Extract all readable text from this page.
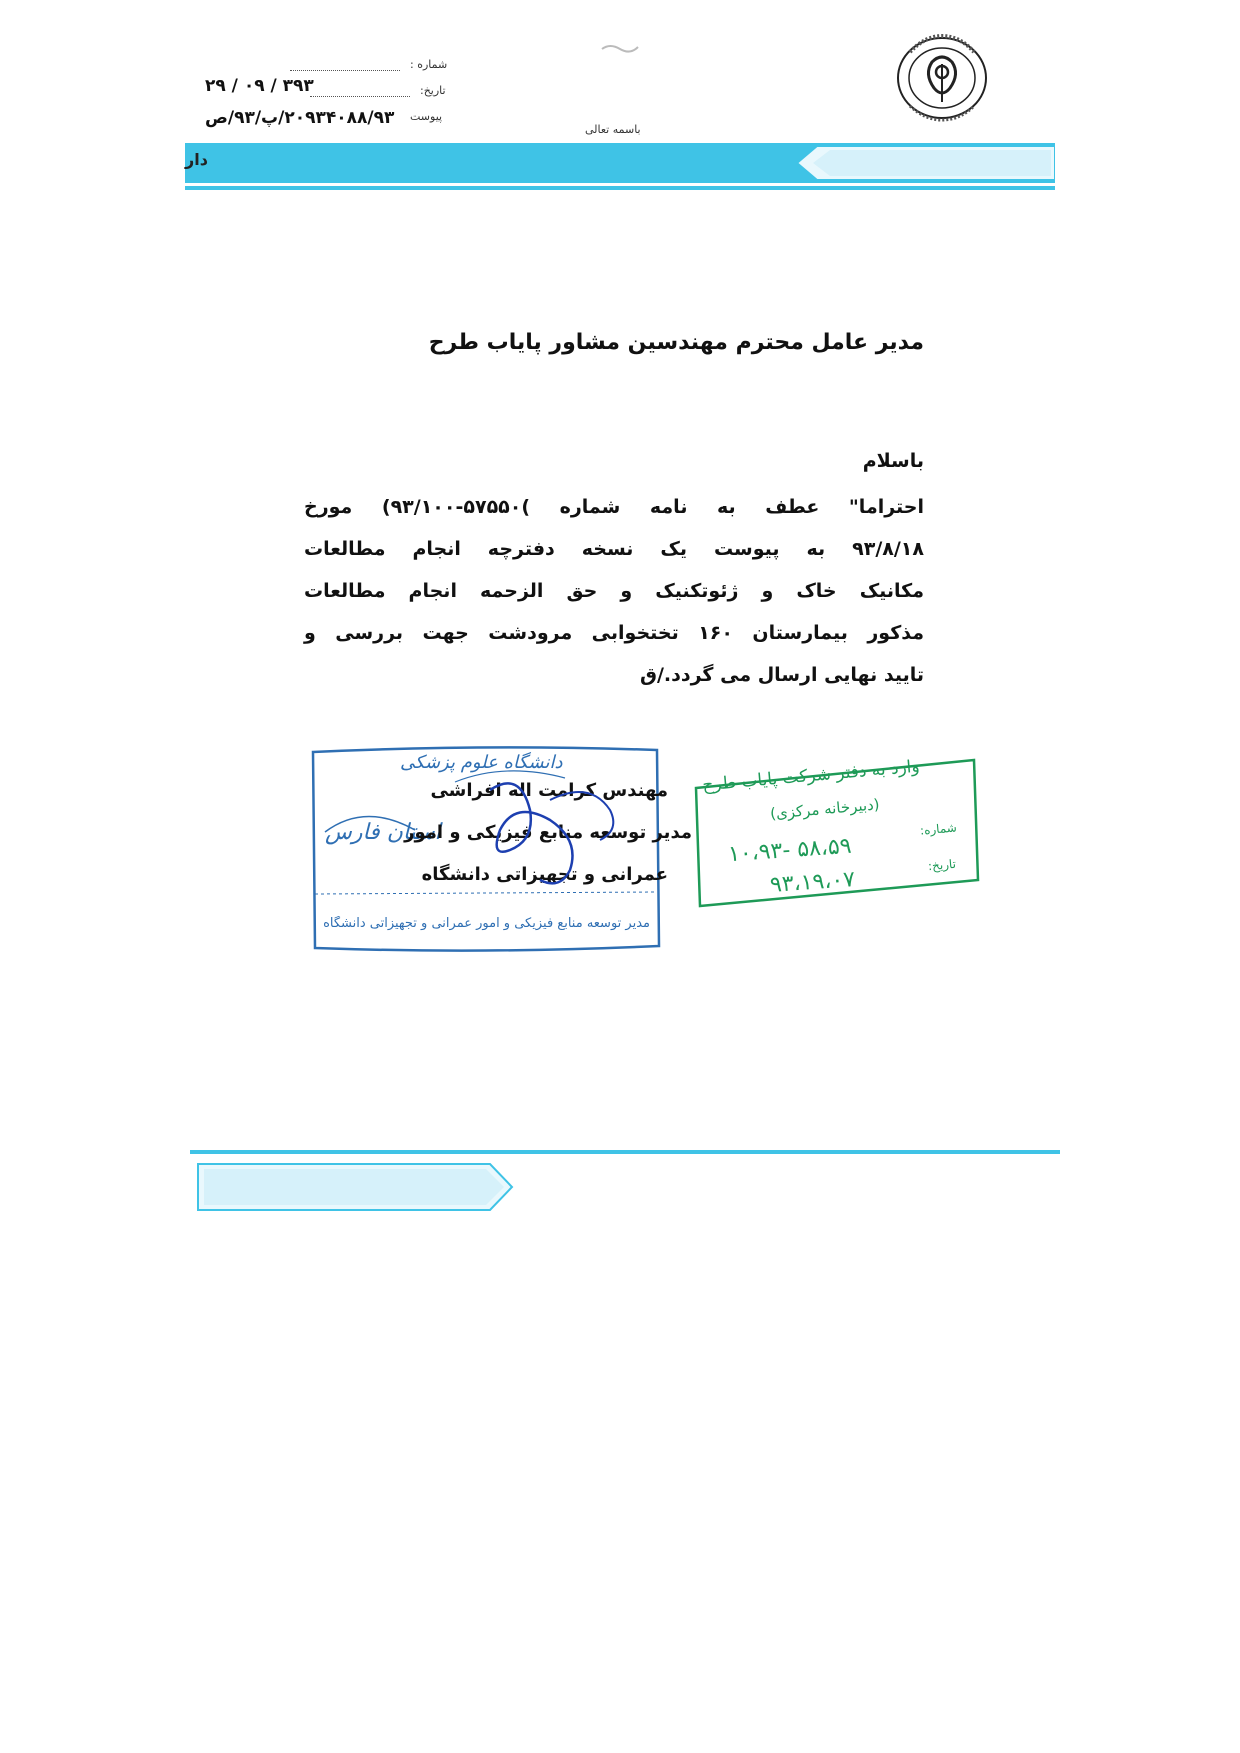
باسمه تعالی
شماره :
تاریخ:
۳۹۳ / ۰۹ / ۲۹
پیوست
۲۰۹۳۴۰۸۸/۹۳/پ/۹۳/ص
دار
مدیر عامل محترم مهندسین مشاور پایاب طرح
باسلام
احتراما" عطف به نامه شماره )۵۷۵۵۰-۹۳/۱۰۰) مورخ
۹۳/۸/۱۸ به پیوست یک نسخه دفترچه انجام مطالعات
مکانیک خاک و ژئوتکنیک و حق الزحمه انجام مطالعات
مذکور بیمارستان ۱۶۰ تختخوابی مرودشت جهت بررسی و
تایید نهایی ارسال می گردد./ق
دانشگاه علوم پزشکی
استان فارس
مدیر توسعه منابع فیزیکی و امور عمرانی و تجهیزاتی دانشگاه
مهندس کرامت اله افراشی
مدیر توسعه منابع فیزیکی و امور
عمرانی و تجهیزاتی دانشگاه
وارد به دفتر شرکت پایاب طرح
(دبیرخانه مرکزی)
شماره:
تاریخ:
۱۰،۹۳- ۵۸،۵۹
۹۳،۱۹،۰۷
